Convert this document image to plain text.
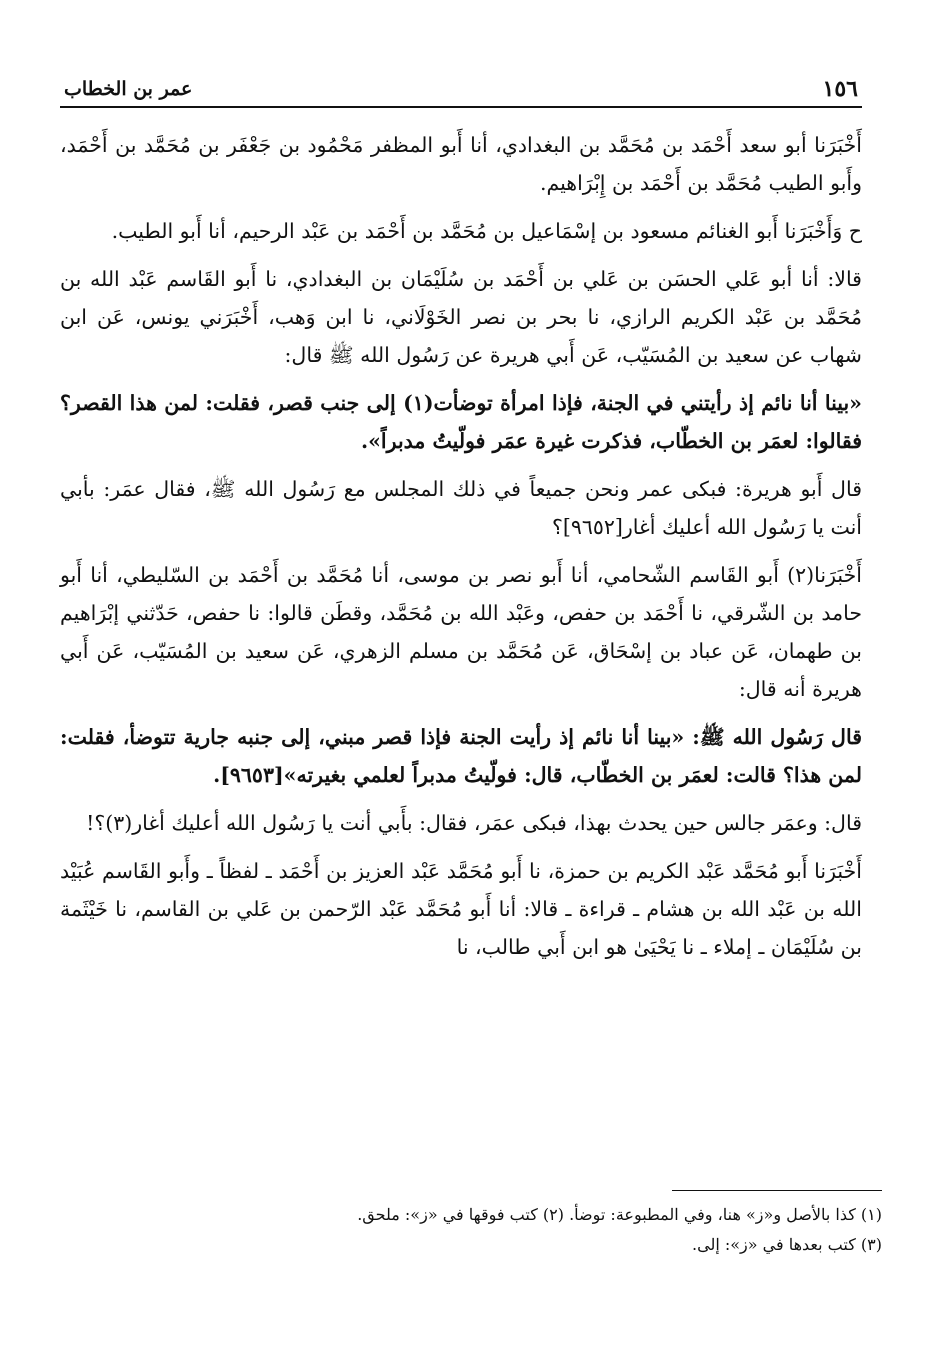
١٥٦
عمر بن الخطاب

أَخْبَرَنا أبو سعد أَحْمَد بن مُحَمَّد بن البغدادي، أنا أَبو المظفر مَحْمُود بن جَعْفَر بن مُحَمَّد بن أَحْمَد، وأَبو الطيب مُحَمَّد بن أَحْمَد بن إِبْرَاهيم.

ح وَأَخْبَرَنا أَبو الغنائم مسعود بن إسْمَاعيل بن مُحَمَّد بن أَحْمَد بن عَبْد الرحيم، أنا أَبو الطيب.

قالا: أنا أبو عَلي الحسَن بن عَلي بن أَحْمَد بن سُلَيْمَان بن البغدادي، نا أَبو القَاسم عَبْد الله بن مُحَمَّد بن عَبْد الكريم الرازي، نا بحر بن نصر الخَوْلَاني، نا ابن وَهب، أَخْبَرَني يونس، عَن ابن شهاب عن سعيد بن المُسَيّب، عَن أَبي هريرة عن رَسُول الله ﷺ قال:

«بينا أنا نائم إذ رأيتني في الجنة، فإذا امرأة توضأت(١) إلى جنب قصر، فقلت: لمن هذا القصر؟ فقالوا: لعمَر بن الخطّاب، فذكرت غيرة عمَر فولّيتُ مدبراً».

قال أَبو هريرة: فبكى عمر ونحن جميعاً في ذلك المجلس مع رَسُول الله ﷺ، فقال عمَر: بأبي أنت يا رَسُول الله أعليك أغار[٩٦٥٢]؟

أَخْبَرَنا(٢) أَبو القَاسم الشّحامي، أنا أَبو نصر بن موسى، أنا مُحَمَّد بن أَحْمَد بن السّليطي، أنا أَبو حامد بن الشّرقي، نا أَحْمَد بن حفص، وعَبْد الله بن مُحَمَّد، وقطَن قالوا: نا حفص، حَدّثني إبْرَاهيم بن طهمان، عَن عباد بن إسْحَاق، عَن مُحَمَّد بن مسلم الزهري، عَن سعيد بن المُسَيّب، عَن أَبي هريرة أنه قال:

قال رَسُول الله ﷺ: «بينا أنا نائم إذ رأيت الجنة فإذا قصر مبني، إلى جنبه جارية تتوضأ، فقلت: لمن هذا؟ قالت: لعمَر بن الخطّاب، قال: فولّيتُ مدبراً لعلمي بغيرته»[٩٦٥٣].

قال: وعمَر جالس حين يحدث بهذا، فبكى عمَر، فقال: بأَبي أنت يا رَسُول الله أعليك أغار(٣)؟!

أَخْبَرَنا أَبو مُحَمَّد عَبْد الكريم بن حمزة، نا أَبو مُحَمَّد عَبْد العزيز بن أَحْمَد ـ لفظاً ـ وأَبو القَاسم عُبَيْد الله بن عَبْد الله بن هشام ـ قراءة ـ قالا: أنا أَبو مُحَمَّد عَبْد الرّحمن بن عَلي بن القاسم، نا خَيْثَمة بن سُلَيْمَان ـ إملاء ـ نا يَحْيَىٰ هو ابن أَبي طالب، نا

(١) كذا بالأصل و«ز» هنا، وفي المطبوعة: توضأ. (٢) كتب فوقها في «ز»: ملحق.
(٣) كتب بعدها في «ز»: إلى.
